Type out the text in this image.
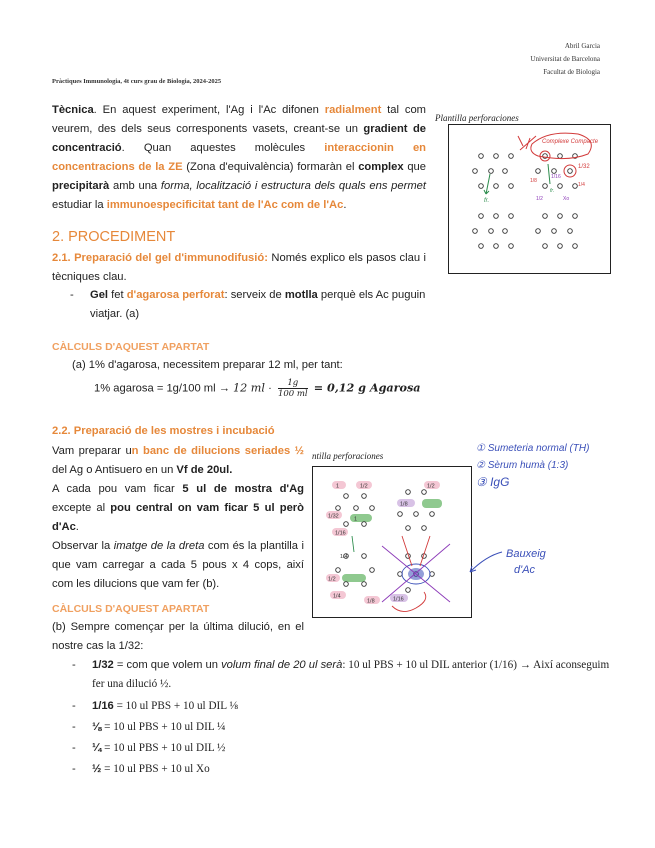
Abril Garcia
Universitat de Barcelona
Facultat de Biologia
Pràctiques Immunologia, 4t curs grau de Biologia, 2024-2025
Tècnica. En aquest experiment, l'Ag i l'Ac difonen radialment tal com veurem, des dels seus corresponents vasets, creant-se un gradient de concentració. Quan aquestes molècules interaccionin en concentracions de la ZE (Zona d'equivalència) formaràn el complex que precipitarà amb una forma, localització i estructura dels quals ens permet estudiar la immunoespecificitat tant de l'Ac com de l'Ac.
Plantilla perforaciones
Complexe Compacte
1/32
1/4
1/8
fr.
fr.
1/2	Xo
1/16
2. PROCEDIMENT
2.1. Preparació del gel d'immunodifusió: Només explico els pasos clau i tècniques clau.
- Gel fet d'agarosa perforat: serveix de motlla perquè els Ac puguin viatjar. (a)
CÀLCULS D'AQUEST APARTAT
(a) 1% d'agarosa, necessitem preparar 12 ml, per tant:
1% agarosa = 1g/100 ml → 12 ml · $\frac{1g}{100 ml} = 0,12$ g Agarosa
2.2. Preparació de les mostres i incubació
Vam preparar un banc de dilucions seriades ½ del Ag o Antisuero en un Vf de 20ul.
A cada pou vam ficar 5 ul de mostra d'Ag excepte al pou central on vam ficar 5 ul però d'Ac.
Observar la imatge de la dreta com és la plantilla i que vam carregar a cada 5 pous x 4 cops, així com les dilucions que vam fer (b).
CÀLCULS D'AQUEST APARTAT
(b) Sempre començar per la última dilució, en el nostre cas la 1/32:
ntilla perforaciones
1	1/2
1/32
1/16
1/8
1/2
1
1/2
1/4
1/8	1/16
1/4
① Sumeteria normal (TH)
② Sèrum humà (1:3)
③ IgG
Bauxeig
d'Ac
- 1/32 = com que volem un volum final de 20 ul serà: 10 ul PBS + 10 ul DIL anterior (1/16) → Així aconseguim fer una dilució ½.
- 1/16 = 10 ul PBS + 10 ul DIL ⅛
- ⅛ = 10 ul PBS + 10 ul DIL ¼
- ¼ = 10 ul PBS + 10 ul DIL ½
- ½ = 10 ul PBS + 10 ul Xo
